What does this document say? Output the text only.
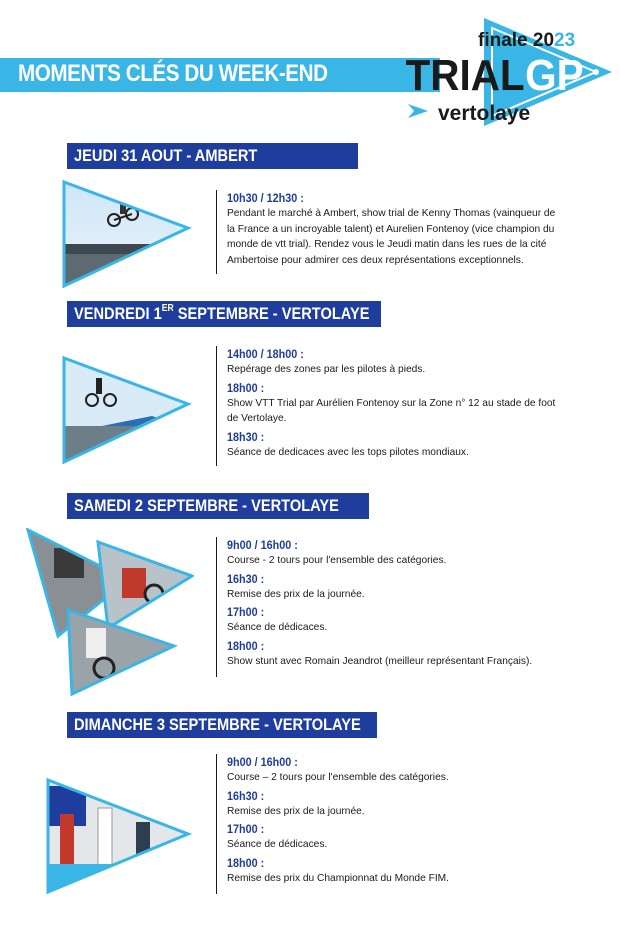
MOMENTS CLÉS DU WEEK-END
finale 2023
TRIAL GP
vertolaye
JEUDI 31 AOUT - AMBERT
10h30 / 12h30 :
Pendant le marché à Ambert, show trial de Kenny Thomas (vainqueur de la France a un incroyable talent) et Aurelien Fontenoy (vice champion du monde de vtt trial). Rendez vous le Jeudi matin dans les rues de la cité Ambertoise pour admirer ces deux représentations exceptionnels.
VENDREDI 1ER SEPTEMBRE - VERTOLAYE
14h00 / 18h00 :
Repérage des zones par les pilotes à pieds.
18h00 :
Show VTT Trial par Aurélien Fontenoy sur la Zone n° 12 au stade de foot de Vertolaye.
18h30 :
Séance de dedicaces avec les tops pilotes mondiaux.
SAMEDI 2 SEPTEMBRE - VERTOLAYE
9h00 / 16h00 :
Course - 2 tours pour l'ensemble des catégories.
16h30 :
Remise des prix de la journée.
17h00 :
Séance de dédicaces.
18h00 :
Show stunt avec Romain Jeandrot (meilleur représentant Français).
DIMANCHE 3 SEPTEMBRE - VERTOLAYE
9h00 / 16h00 :
Course – 2 tours pour l'ensemble des catégories.
16h30 :
Remise des prix de la journée.
17h00 :
Séance de dédicaces.
18h00 :
Remise des prix du Championnat du Monde FIM.
